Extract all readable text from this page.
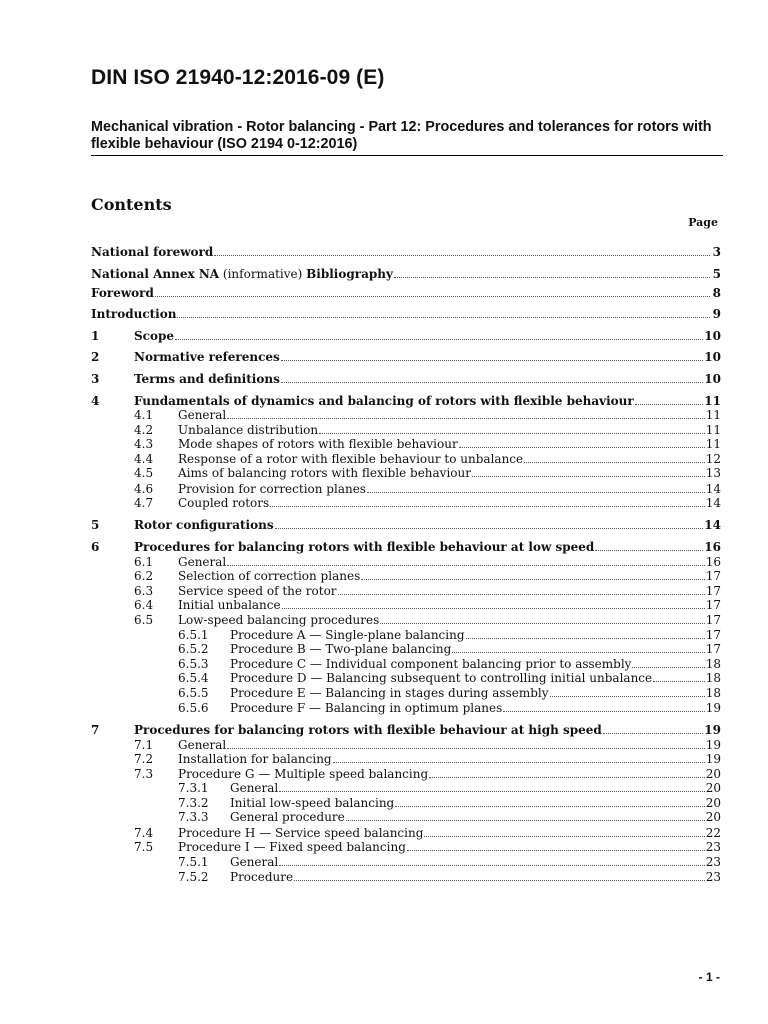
DIN ISO 21940-12:2016-09 (E)

Mechanical vibration - Rotor balancing - Part 12: Procedures and tolerances for rotors with flexible behaviour (ISO 2194 0-12:2016)

Contents
Page
National foreword	3
National Annex NA (informative) Bibliography	5
Foreword	8
Introduction	9
1	Scope	10
2	Normative references	10
3	Terms and definitions	10
4	Fundamentals of dynamics and balancing of rotors with flexible behaviour	11
4.1	General	11
4.2	Unbalance distribution	11
4.3	Mode shapes of rotors with flexible behaviour	11
4.4	Response of a rotor with flexible behaviour to unbalance	12
4.5	Aims of balancing rotors with flexible behaviour	13
4.6	Provision for correction planes	14
4.7	Coupled rotors	14
5	Rotor configurations	14
6	Procedures for balancing rotors with flexible behaviour at low speed	16
6.1	General	16
6.2	Selection of correction planes	17
6.3	Service speed of the rotor	17
6.4	Initial unbalance	17
6.5	Low-speed balancing procedures	17
6.5.1	Procedure A — Single-plane balancing	17
6.5.2	Procedure B — Two-plane balancing	17
6.5.3	Procedure C — Individual component balancing prior to assembly	18
6.5.4	Procedure D — Balancing subsequent to controlling initial unbalance	18
6.5.5	Procedure E — Balancing in stages during assembly	18
6.5.6	Procedure F — Balancing in optimum planes	19
7	Procedures for balancing rotors with flexible behaviour at high speed	19
7.1	General	19
7.2	Installation for balancing	19
7.3	Procedure G — Multiple speed balancing	20
7.3.1	General	20
7.3.2	Initial low-speed balancing	20
7.3.3	General procedure	20
7.4	Procedure H — Service speed balancing	22
7.5	Procedure I — Fixed speed balancing	23
7.5.1	General	23
7.5.2	Procedure	23
- 1 -
